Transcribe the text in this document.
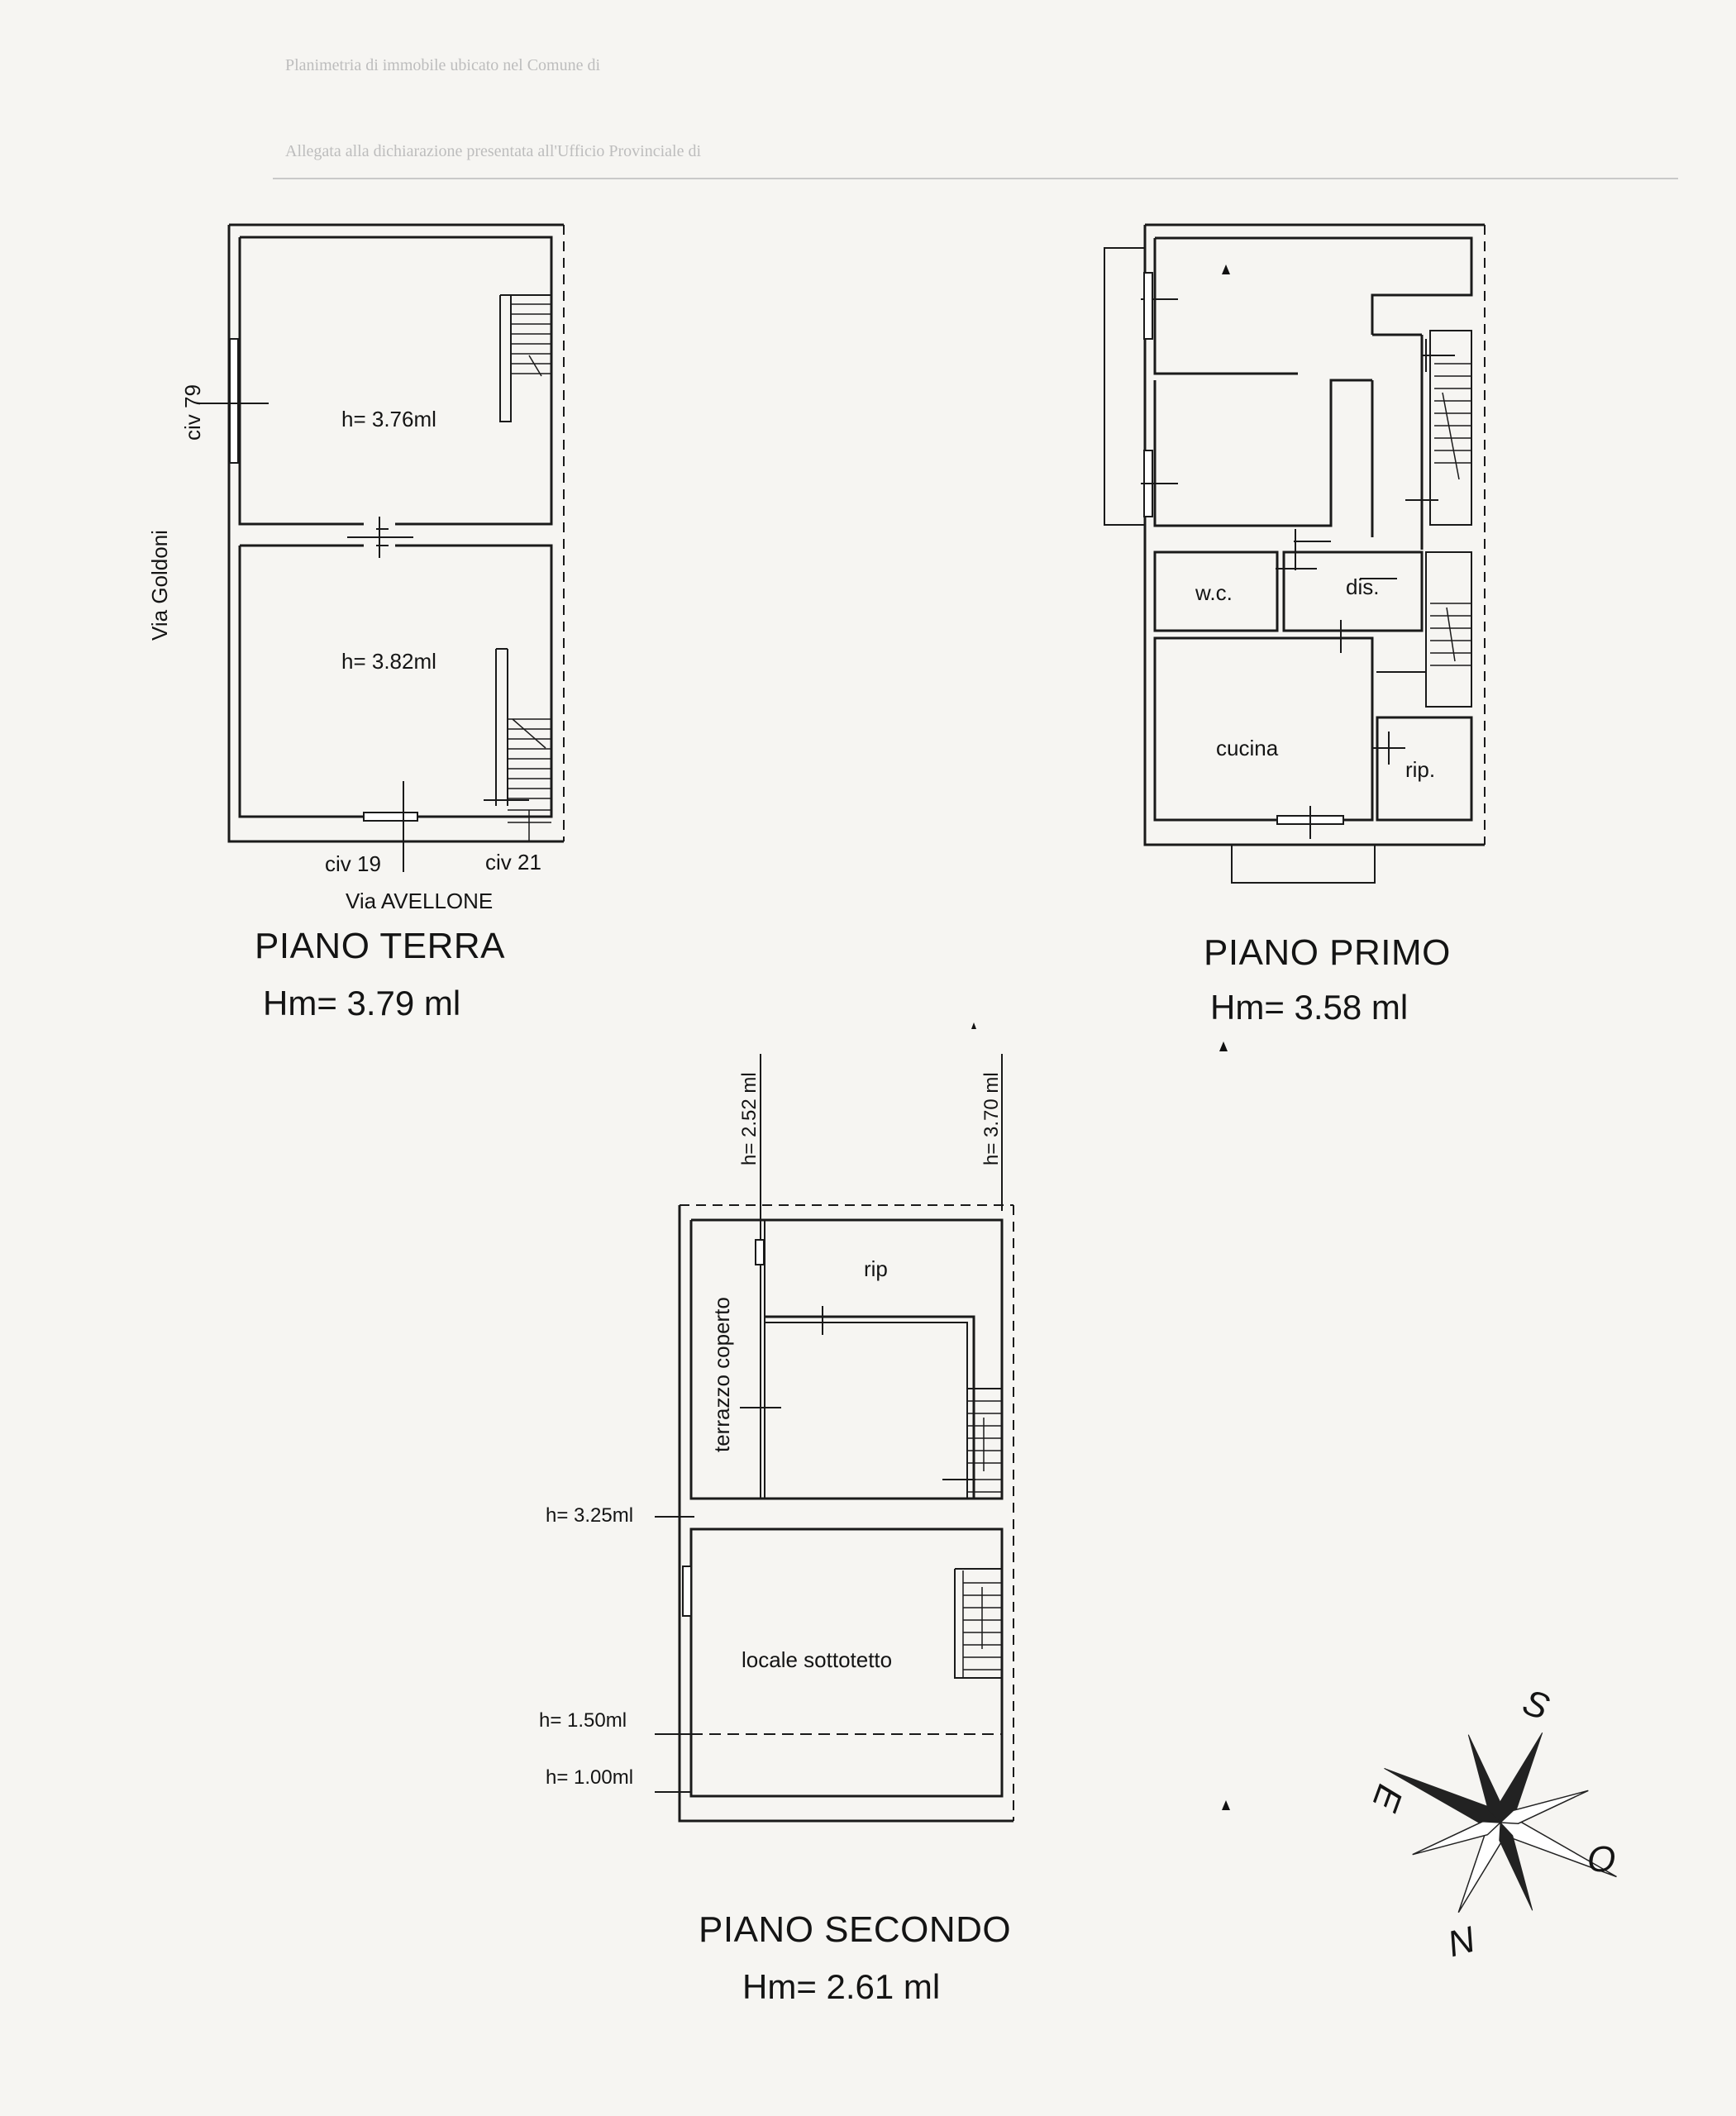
Planimetria di immobile ubicato nel Comune di
Allegata alla dichiarazione presentata all'Ufficio Provinciale di
h= 3.76ml
h= 3.82ml
civ 79
Via Goldoni
civ 19	civ 21
Via AVELLONE
PIANO TERRA
Hm= 3.79 ml
w.c.	dis.
cucina
rip.
PIANO PRIMO
Hm= 3.58 ml
h= 2.52 ml	h= 3.70 ml
rip
terrazzo coperto
locale sottotetto
h= 3.25ml
h= 1.50ml
h= 1.00ml
PIANO SECONDO
Hm= 2.61 ml
S
E
O
N
